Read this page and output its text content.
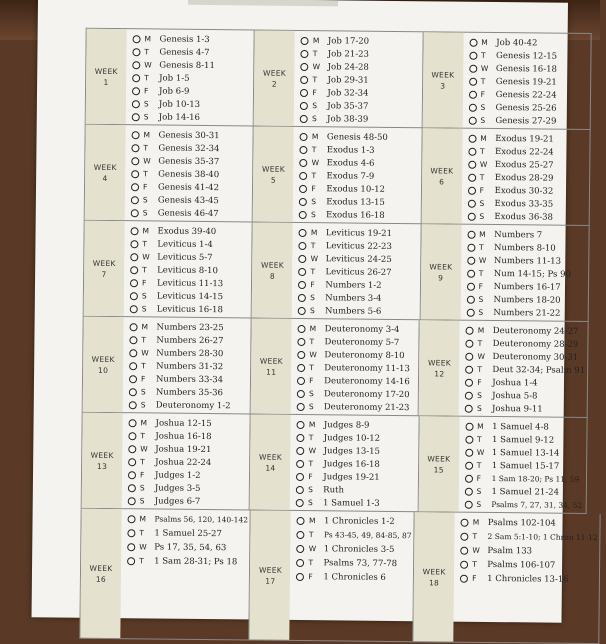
WEEK
1
M Genesis 1-3
T	Genesis 4-7
W Genesis 8-11
T	Job 1-5
F	Job 6-9
S	Job 10-13
S	Job 14-16
WEEK
2
M Job 17-20
T	Job 21-23
W Job 24-28
T	Job 29-31
F	Job 32-34
S	Job 35-37
S	Job 38-39
WEEK
3
M Job 40-42
T	Genesis 12-15
W Genesis 16-18
T	Genesis 19-21
F	Genesis 22-24
S	Genesis 25-26
S	Genesis 27-29
WEEK
4
M Genesis 30-31
T	Genesis 32-34
W Genesis 35-37
T	Genesis 38-40
F	Genesis 41-42
S	Genesis 43-45
S	Genesis 46-47
WEEK
5
M Genesis 48-50
T	Exodus 1-3
W Exodus 4-6
T	Exodus 7-9
F	Exodus 10-12
S	Exodus 13-15
S	Exodus 16-18
WEEK
6
M Exodus 19-21
T	Exodus 22-24
W Exodus 25-27
T	Exodus 28-29
F	Exodus 30-32
S	Exodus 33-35
S	Exodus 36-38
WEEK
7
M Exodus 39-40
T	Leviticus 1-4
W Leviticus 5-7
T	Leviticus 8-10
F	Leviticus 11-13
S	Leviticus 14-15
S	Leviticus 16-18
WEEK
8
M Leviticus 19-21
T	Leviticus 22-23
W Leviticus 24-25
T	Leviticus 26-27
F	Numbers 1-2
S	Numbers 3-4
S	Numbers 5-6
WEEK
9
M Numbers 7
T	Numbers 8-10
W Numbers 11-13
T	Num 14-15; Ps 90
F	Numbers 16-17
S	Numbers 18-20
S	Numbers 21-22
WEEK
10
M Numbers 23-25
T	Numbers 26-27
W Numbers 28-30
T	Numbers 31-32
F	Numbers 33-34
S	Numbers 35-36
S	Deuteronomy 1-2
WEEK
11
M Deuteronomy 3-4
T	Deuteronomy 5-7
W Deuteronomy 8-10
T	Deuteronomy 11-13
F	Deuteronomy 14-16
S	Deuteronomy 17-20
S	Deuteronomy 21-23
WEEK
12
M Deuteronomy 24-27
T	Deuteronomy 28-29
W Deuteronomy 30-31
T	Deut 32-34; Psalm 91
F	Joshua 1-4
S	Joshua 5-8
S	Joshua 9-11
WEEK
13
M Joshua 12-15
T	Joshua 16-18
W Joshua 19-21
T	Joshua 22-24
F	Judges 1-2
S	Judges 3-5
S	Judges 6-7
WEEK
14
M Judges 8-9
T	Judges 10-12
W Judges 13-15
T	Judges 16-18
F	Judges 19-21
S	Ruth
S	1 Samuel 1-3
WEEK
15
M 1 Samuel 4-8
T	1 Samuel 9-12
W 1 Samuel 13-14
T	1 Samuel 15-17
F	1 Sam 18-20; Ps 11, 59
S	1 Samuel 21-24
S	Psalms 7, 27, 31, 34, 52
WEEK
16
M	Psalms 56, 120, 140-142
T	1 Samuel 25-27
W Ps 17, 35, 54, 63
T	1 Sam 28-31; Ps 18
WEEK
17
M 1 Chronicles 1-2
T	Ps 43-45, 49, 84-85, 87
W 1 Chronicles 3-5
T	Psalms 73, 77-78
F	1 Chronicles 6
WEEK
18
M Psalms 102-104
T	2 Sam 5:1-10; 1 Chron 11-12
W Psalm 133
T	Psalms 106-107
F	1 Chronicles 13-16
